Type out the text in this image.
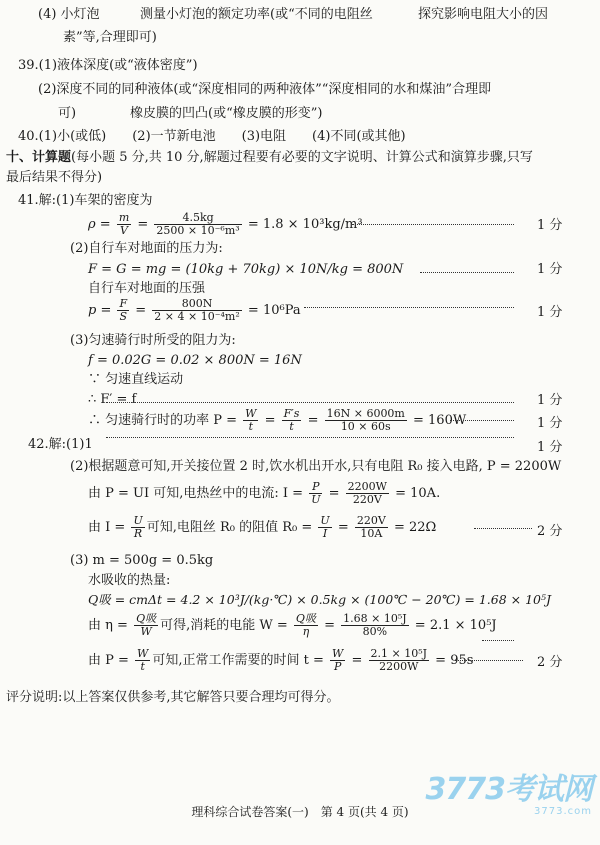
(4) 小灯泡	测量小灯泡的额定功率(或“不同的电阻丝	探究影响电阻大小的因
素”等,合理即可)
39.(1)液体深度(或“液体密度”)
(2)深度不同的同种液体(或“深度相同的两种液体”“深度相同的水和煤油”合理即
可)	橡皮膜的凹凸(或“橡皮膜的形变”)
40.(1)小(或低)　　(2)一节新电池　　(3)电阻　　(4)不同(或其他)
十、计算题(每小题 5 分,共 10 分,解题过程要有必要的文字说明、计算公式和演算步骤,只写
最后结果不得分)
41.解:(1)车架的密度为
$\rho = \frac{m}{V} = \frac{4.5kg}{\text{2500 × 10⁻⁶m³}} = 1.8 \times 10^3kg/m^3$	1 分
(2)自行车对地面的压力为:
F = G = mg = (10kg + 70kg) × 10N/kg = 800N	1 分
自行车对地面的压强
$p = \frac{F}{S} = \frac{800N}{\text{2 × 4 × 10⁻⁴m²}} = 10^6Pa$	1 分
(3)匀速骑行时所受的阻力为:
f = 0.02G = 0.02 × 800N = 16N
∵ 匀速直线运动
∴ F′ = f	1 分
∴ 匀速骑行时的功率 $P = \frac{W}{t} = \frac{F's}{t} = \frac{16N \times 6000m}{10 \times 60s} = 160W$	1 分
42.解:(1)1	1 分
(2)根据题意可知,开关接位置 2 时,饮水机出开水,只有电阻 R₀ 接入电路, P = 2200W
由 P = UI 可知,电热丝中的电流: $I = \frac{P}{U} = \frac{2200W}{220V} = 10A$.
由 $I = \frac{U}{R}$ 可知,电阻丝 R₀ 的阻值 $R_0 = \frac{U}{I} = \frac{220V}{10A} = 22\Omega$	2 分
(3) m = 500g = 0.5kg
水吸收的热量:
Q吸 = cmΔt = 4.2 × 10³J/(kg·℃) × 0.5kg × (100℃ − 20℃) = 1.68 × 10⁵J
由 $\eta = \frac{\text{Q吸}}{W}$ 可得,消耗的电能 $W = \frac{\text{Q吸}}{\eta} = \frac{\text{1.68 × 10⁵J}}{80\%} = 2.1 \times 10^5J$
由 $P = \frac{W}{t}$ 可知,正常工作需要的时间 $t = \frac{W}{P} = \frac{\text{2.1 × 10⁵J}}{2200W} = 95s$	2 分
评分说明:以上答案仅供参考,其它解答只要合理均可得分。
3773考试网
3773.com
理科综合试卷答案(一)　第 4 页(共 4 页)
